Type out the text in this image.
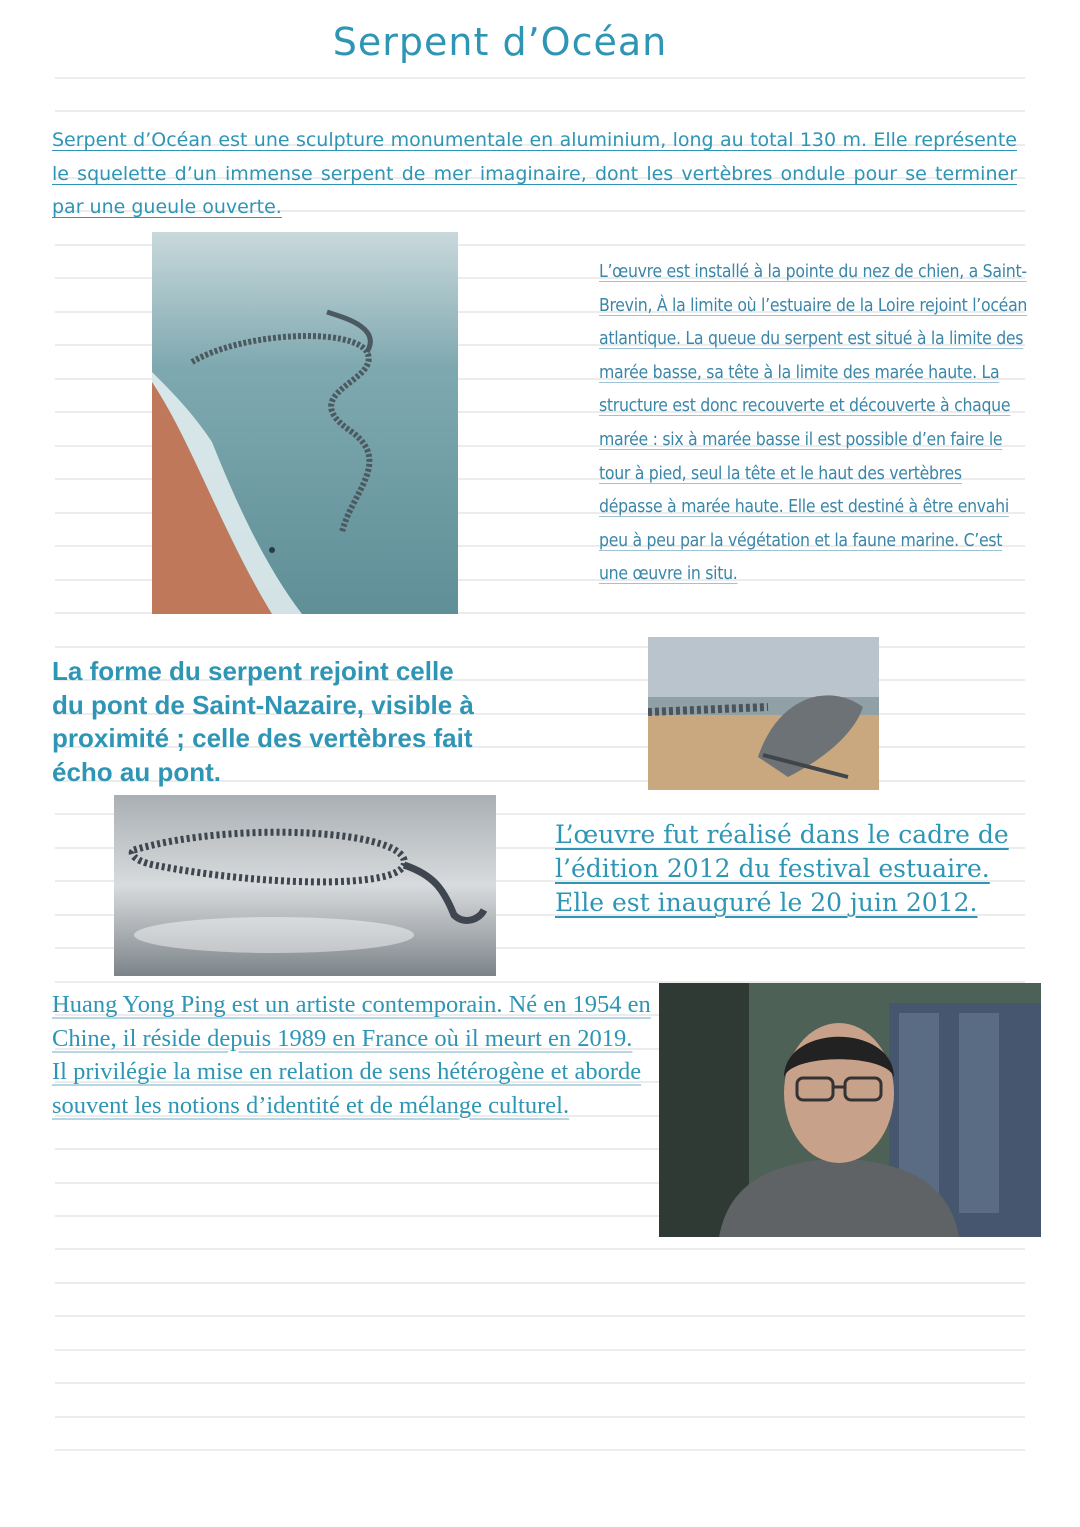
Serpent d’Océan

Serpent d’Océan est une sculpture monumentale en aluminium, long au total 130 m. Elle représente le squelette d’un immense serpent de mer imaginaire, dont les vertèbres ondule pour se terminer par une gueule ouverte.

L’œuvre est installé à la pointe du nez de chien, a Saint-Brevin, À la limite où l’estuaire de la Loire rejoint l’océan atlantique. La queue du serpent est situé à la limite des marée basse, sa tête à la limite des marée haute. La structure est donc recouverte et découverte à chaque marée : six à marée basse il est possible d’en faire le tour à pied, seul la tête et le haut des vertèbres dépasse à marée haute. Elle est destiné à être envahi peu à peu par la végétation et la faune marine. C’est une œuvre in situ.

La forme du serpent rejoint celle du pont de Saint-Nazaire, visible à proximité ; celle des vertèbres fait écho au pont.

L’œuvre fut réalisé dans le cadre de l’édition 2012 du festival estuaire. Elle est inauguré le 20 juin 2012.

Huang Yong Ping est un artiste contemporain. Né en 1954 en Chine, il réside depuis 1989 en France où il meurt en 2019. Il privilégie la mise en relation de sens hétérogène et aborde souvent les notions d’identité et de mélange culturel.
